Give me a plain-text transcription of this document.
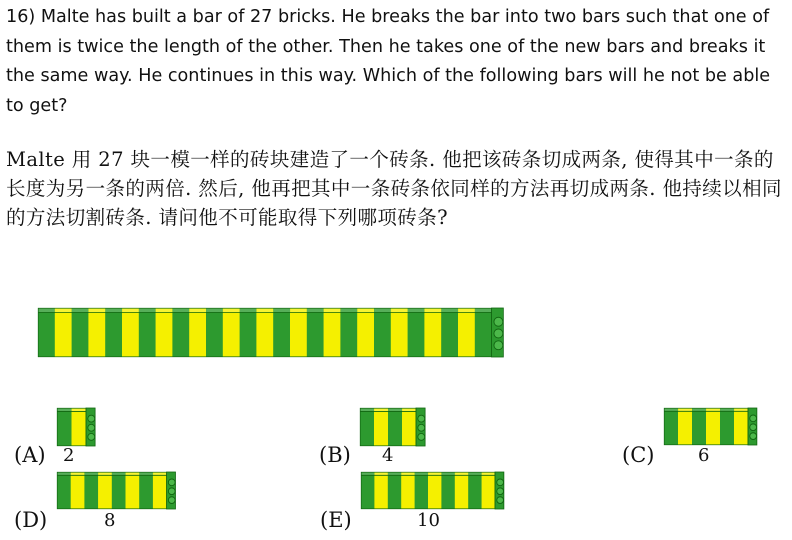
16) Malte has built a bar of 27 bricks. He breaks the bar into two bars such that one of them is twice the length of the other. Then he takes one of the new bars and breaks it the same way. He continues in this way. Which of the following bars will he not be able to get?

Malte 用 27 块一模一样的砖块建造了一个砖条. 他把该砖条切成两条, 使得其中一条的长度为另一条的两倍. 然后, 他再把其中一条砖条依同样的方法再切成两条. 他持续以相同的方法切割砖条. 请问他不可能取得下列哪项砖条?

(A) 2	(B) 4	(C) 6
(D)	8	(E)	10
